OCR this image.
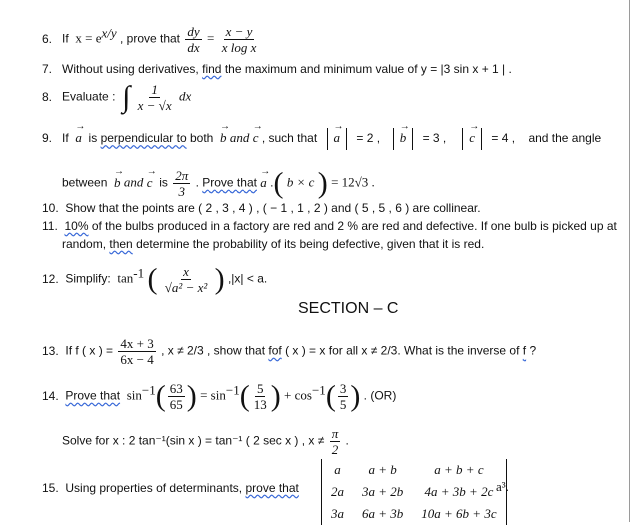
6. If $x = e^{x/y}$ , prove that $\frac{dy}{dx} = \frac{x - y}{\text{x log x}}$
7. Without using derivatives, find the maximum and minimum value of y = |3 sin x + 1 | .
8. Evaluate : ∫ $\frac{1}{x - √x}$ dx
9. If → a is perpendicular to both → b and → c , such that → a = 2 , → b = 3 , → c = 4 , and the angle
between → b and → c is $\frac{2\pi}{3}$ . Prove that → a .( b × c ) = 12√3 .
10. Show that the points are ( 2 , 3 , 4 ) , ( − 1 , 1 , 2 ) and ( 5 , 5 , 6 ) are collinear.
11. 10% of the bulbs produced in a factory are red and 2 % are red and defective. If one bulb is picked up at
random, then determine the probability of its being defective, given that it is red.
12. Simplify: $\tan^{-1}$ ( $\frac{x}{\text{√a² − x²}}$ ) ,|x| < a.
SECTION – C
13. If f ( x ) = $\frac{4x + 3}{6x - 4}$ , x ≠ 2/3 , show that fof ( x ) = x for all x ≠ 2/3. What is the inverse of f ?
14. Prove that $\sin^{-1}( \frac{63}{65}$ ) = $\sin^{-1}( \frac{5}{13}$ ) + $\cos^{-1}( \frac{3}{5}$ ) . (OR)
Solve for x : 2 tan⁻¹(sin x ) = tan⁻¹ ( 2 sec x ) , $x \ne \frac{\pi}{2}$ .
15. Using properties of determinants, prove that
a	a + b	a + b + c
2a	3a + 2b	4a + 3b + 2c
3a	6a + 3b	10a + 6b + 3c
a³.
